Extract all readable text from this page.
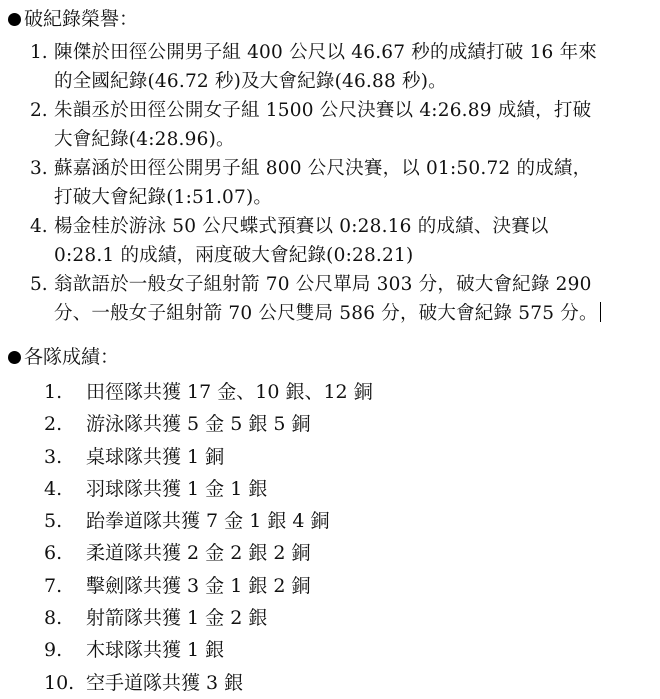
破紀錄榮譽：
1. 陳傑於田徑公開男子組 400 公尺以 46.67 秒的成績打破 16 年來
的全國紀錄(46.72 秒)及大會紀錄(46.88 秒)。
2. 朱韻丞於田徑公開女子組 1500 公尺決賽以 4:26.89 成績，打破
大會紀錄(4:28.96)。
3. 蘇嘉涵於田徑公開男子組 800 公尺決賽，以 01:50.72 的成績，
打破大會紀錄(1:51.07)。
4. 楊金桂於游泳 50 公尺蝶式預賽以 0:28.16 的成績、決賽以
0:28.1 的成績，兩度破大會紀錄(0:28.21)
5. 翁歆語於一般女子組射箭 70 公尺單局 303 分，破大會紀錄 290
分、一般女子組射箭 70 公尺雙局 586 分，破大會紀錄 575 分。
各隊成績：
1.	田徑隊共獲 17 金、10 銀、12 銅
2.	游泳隊共獲 5 金 5 銀 5 銅
3.	桌球隊共獲 1 銅
4.	羽球隊共獲 1 金 1 銀
5.	跆拳道隊共獲 7 金 1 銀 4 銅
6.	柔道隊共獲 2 金 2 銀 2 銅
7.	擊劍隊共獲 3 金 1 銀 2 銅
8.	射箭隊共獲 1 金 2 銀
9.	木球隊共獲 1 銀
10. 空手道隊共獲 3 銀
